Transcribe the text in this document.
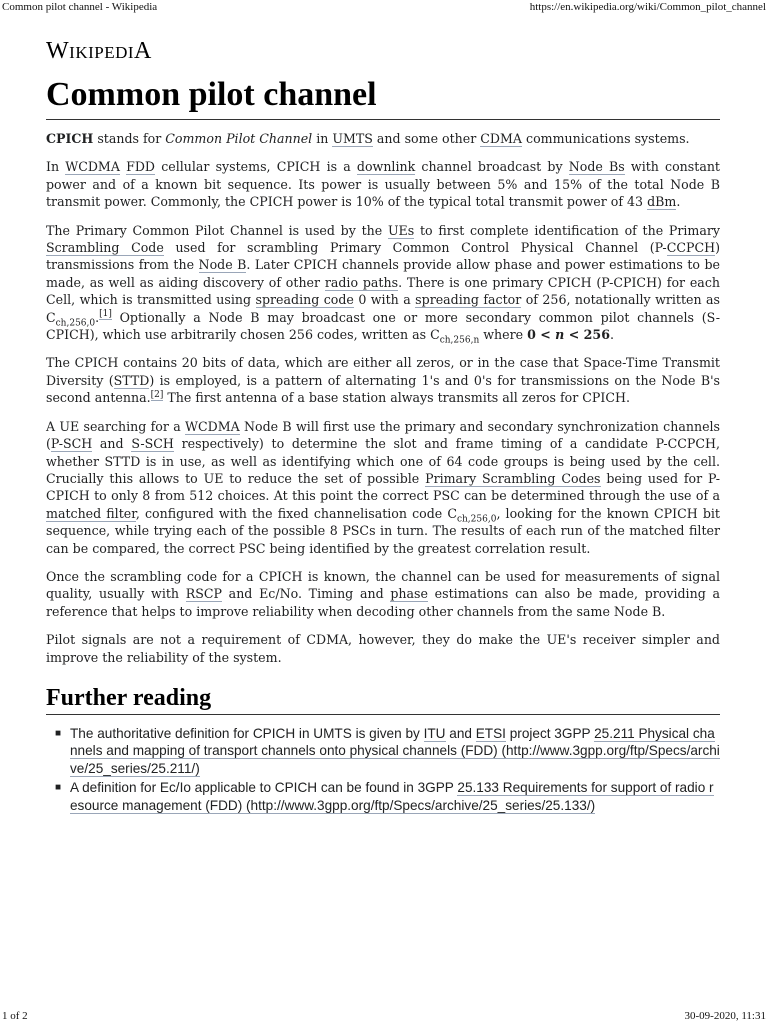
Common pilot channel - Wikipedia	https://en.wikipedia.org/wiki/Common_pilot_channel
WikipediA
Common pilot channel

CPICH stands for Common Pilot Channel in UMTS and some other CDMA communications systems.

In WCDMA FDD cellular systems, CPICH is a downlink channel broadcast by Node Bs with constant power and of a known bit sequence. Its power is usually between 5% and 15% of the total Node B transmit power. Commonly, the CPICH power is 10% of the typical total transmit power of 43 dBm.

The Primary Common Pilot Channel is used by the UEs to first complete identification of the Primary Scrambling Code used for scrambling Primary Common Control Physical Channel (P-CCPCH) transmissions from the Node B. Later CPICH channels provide allow phase and power estimations to be made, as well as aiding discovery of other radio paths. There is one primary CPICH (P-CPICH) for each Cell, which is transmitted using spreading code 0 with a spreading factor of 256, notationally written as $C_{ch,256,0}.[1]$ Optionally a Node B may broadcast one or more secondary common pilot channels (S-CPICH), which use arbitrarily chosen 256 codes, written as $C_{ch,256,n}$ where 0 < n < 256.

The CPICH contains 20 bits of data, which are either all zeros, or in the case that Space-Time Transmit Diversity (STTD) is employed, is a pattern of alternating 1's and 0's for transmissions on the Node B's second antenna.[2] The first antenna of a base station always transmits all zeros for CPICH.

A UE searching for a WCDMA Node B will first use the primary and secondary synchronization channels (P-SCH and S-SCH respectively) to determine the slot and frame timing of a candidate P-CCPCH, whether STTD is in use, as well as identifying which one of 64 code groups is being used by the cell. Crucially this allows to UE to reduce the set of possible Primary Scrambling Codes being used for P-CPICH to only 8 from 512 choices. At this point the correct PSC can be determined through the use of a matched filter, configured with the fixed channelisation code $C_{ch,256,0}$, looking for the known CPICH bit sequence, while trying each of the possible 8 PSCs in turn. The results of each run of the matched filter can be compared, the correct PSC being identified by the greatest correlation result.

Once the scrambling code for a CPICH is known, the channel can be used for measurements of signal quality, usually with RSCP and Ec/No. Timing and phase estimations can also be made, providing a reference that helps to improve reliability when decoding other channels from the same Node B.

Pilot signals are not a requirement of CDMA, however, they do make the UE's receiver simpler and improve the reliability of the system.

Further reading
■ The authoritative definition for CPICH in UMTS is given by ITU and ETSI project 3GPP 25.211 Physical channels and mapping of transport channels onto physical channels (FDD) (http://www.3gpp.org/ftp/Specs/archive/25_series/25.211/)
■ A definition for Ec/Io applicable to CPICH can be found in 3GPP 25.133 Requirements for support of radio resource management (FDD) (http://www.3gpp.org/ftp/Specs/archive/25_series/25.133/)
1 of 2	30-09-2020, 11:31
